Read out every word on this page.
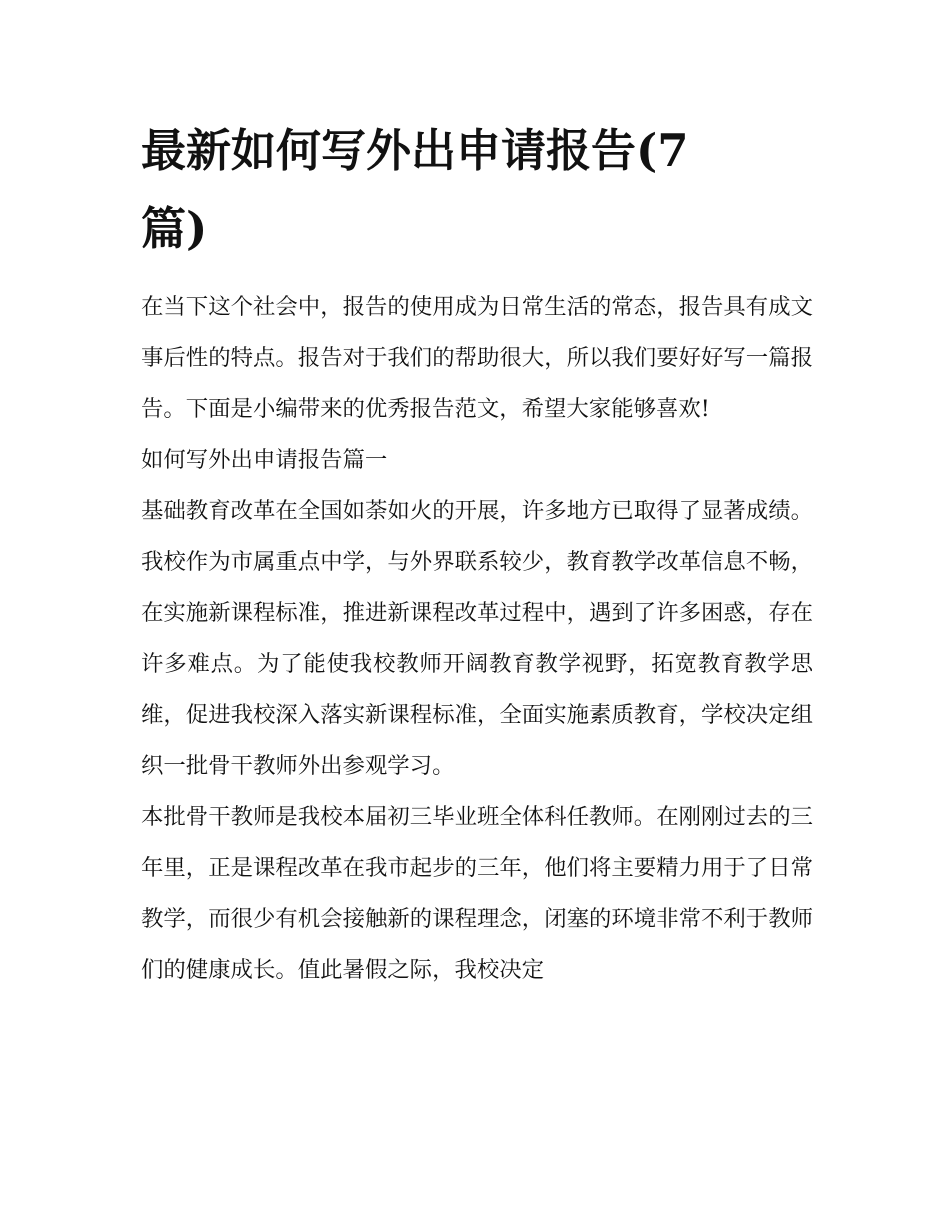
最新如何写外出申请报告(7篇)

在当下这个社会中，报告的使用成为日常生活的常态，报告具有成文事后性的特点。报告对于我们的帮助很大，所以我们要好好写一篇报告。下面是小编带来的优秀报告范文，希望大家能够喜欢!

如何写外出申请报告篇一

基础教育改革在全国如荼如火的开展，许多地方已取得了显著成绩。我校作为市属重点中学，与外界联系较少，教育教学改革信息不畅，在实施新课程标准，推进新课程改革过程中，遇到了许多困惑，存在许多难点。为了能使我校教师开阔教育教学视野，拓宽教育教学思维，促进我校深入落实新课程标准，全面实施素质教育，学校决定组织一批骨干教师外出参观学习。

本批骨干教师是我校本届初三毕业班全体科任教师。在刚刚过去的三年里，正是课程改革在我市起步的三年，他们将主要精力用于了日常教学，而很少有机会接触新的课程理念，闭塞的环境非常不利于教师们的健康成长。值此暑假之际，我校决定
